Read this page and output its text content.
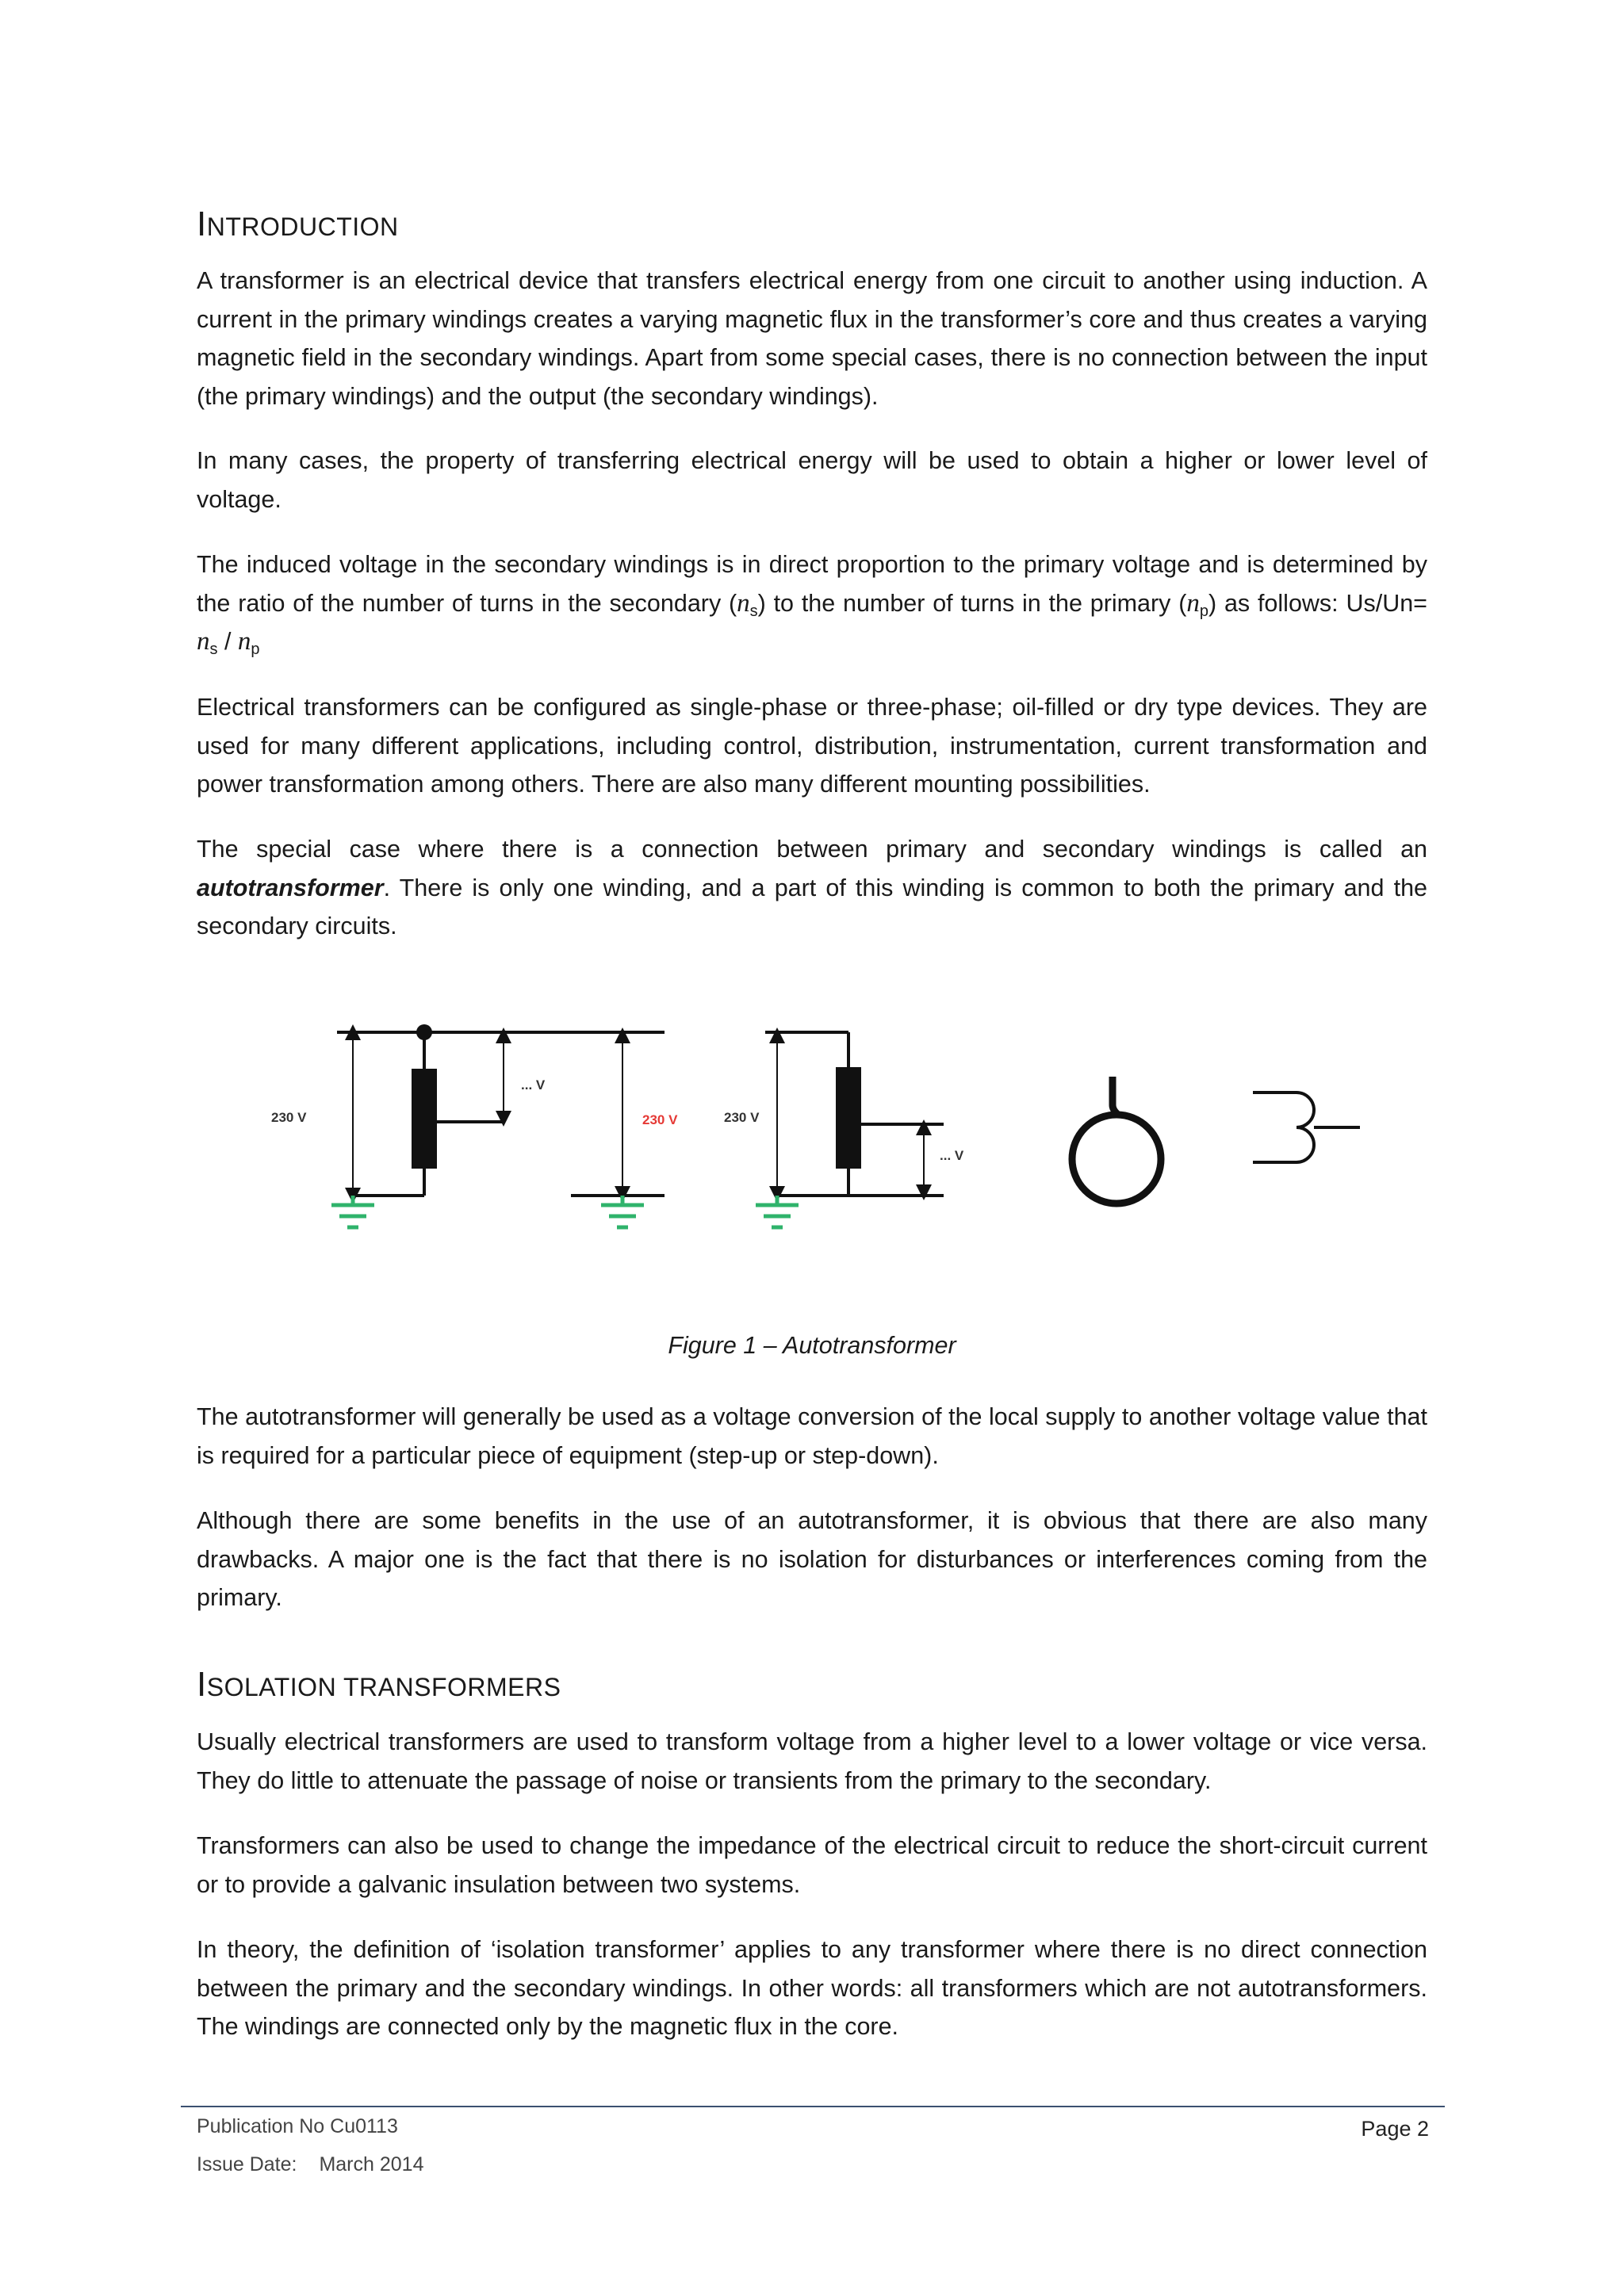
INTRODUCTION

A transformer is an electrical device that transfers electrical energy from one circuit to another using induction. A current in the primary windings creates a varying magnetic flux in the transformer’s core and thus creates a varying magnetic field in the secondary windings. Apart from some special cases, there is no connection between the input (the primary windings) and the output (the secondary windings).

In many cases, the property of transferring electrical energy will be used to obtain a higher or lower level of voltage.

The induced voltage in the secondary windings is in direct proportion to the primary voltage and is determined by the ratio of the number of turns in the secondary $(n_s)$ to the number of turns in the primary $(n_p)$ as follows: $Us/Un= n_s / n_p$

Electrical transformers can be configured as single-phase or three-phase; oil-filled or dry type devices. They are used for many different applications, including control, distribution, instrumentation, current transformation and power transformation among others. There are also many different mounting possibilities.

The special case where there is a connection between primary and secondary windings is called an autotransformer. There is only one winding, and a part of this winding is common to both the primary and the secondary circuits.

Figure 1 – Autotransformer

The autotransformer will generally be used as a voltage conversion of the local supply to another voltage value that is required for a particular piece of equipment (step-up or step-down).

Although there are some benefits in the use of an autotransformer, it is obvious that there are also many drawbacks. A major one is the fact that there is no isolation for disturbances or interferences coming from the primary.

ISOLATION TRANSFORMERS

Usually electrical transformers are used to transform voltage from a higher level to a lower voltage or vice versa. They do little to attenuate the passage of noise or transients from the primary to the secondary.

Transformers can also be used to change the impedance of the electrical circuit to reduce the short-circuit current or to provide a galvanic insulation between two systems.

In theory, the definition of ‘isolation transformer’ applies to any transformer where there is no direct connection between the primary and the secondary windings. In other words: all transformers which are not autotransformers. The windings are connected only by the magnetic flux in the core.

230 V
... V
230 V	230 V
... V
Publication No Cu0113
Issue Date: March 2014
Page 2
